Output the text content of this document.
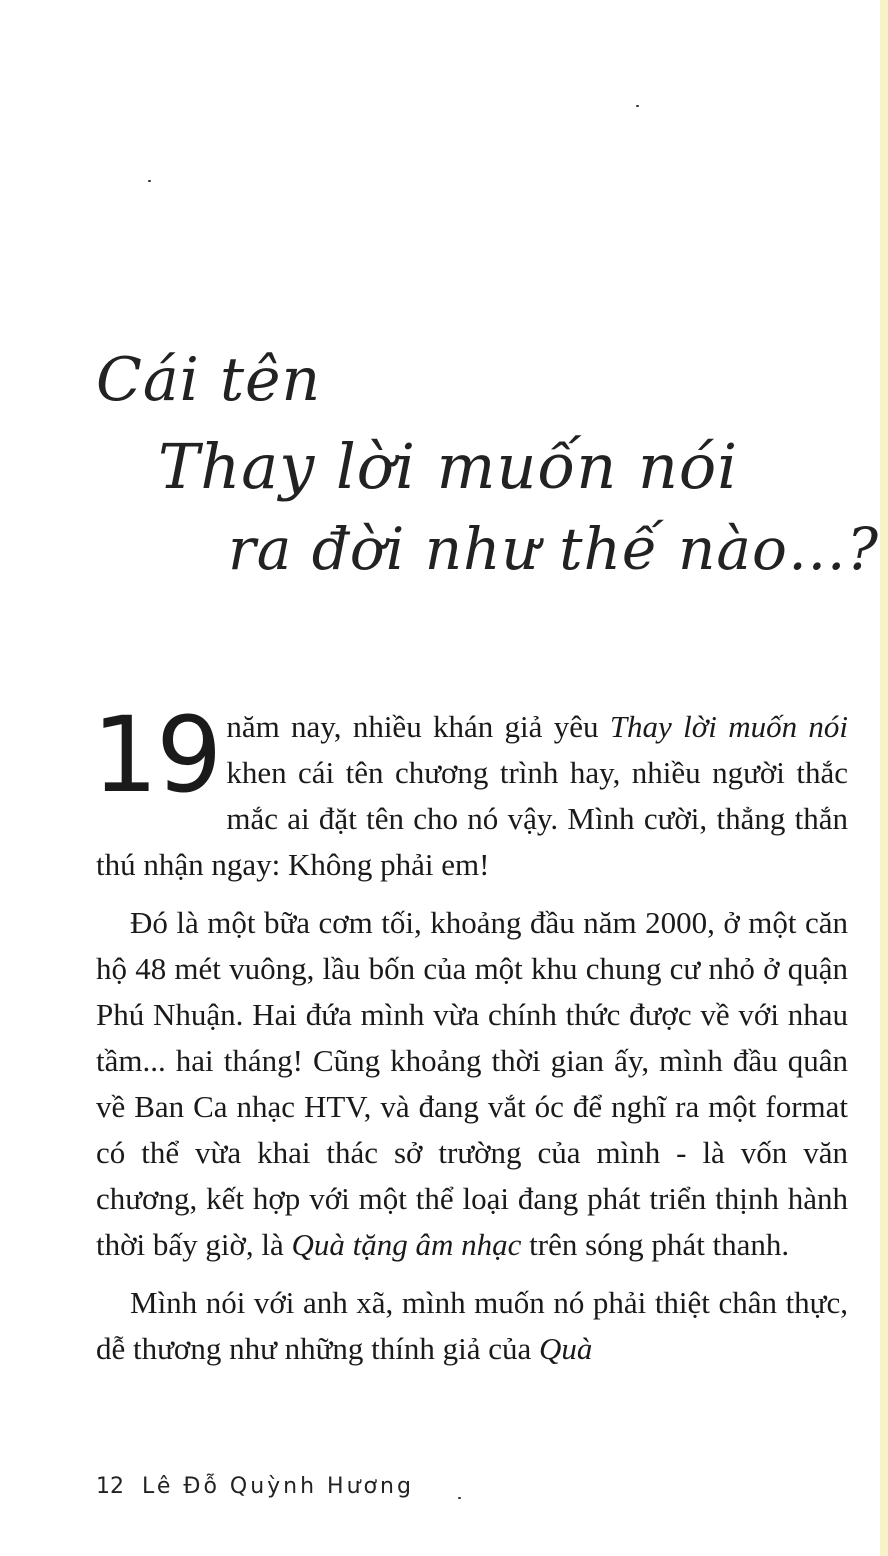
Cái tên
Thay lời muốn nói
ra đời như thế nào…?

19 năm nay, nhiều khán giả yêu Thay lời muốn nói khen cái tên chương trình hay, nhiều người thắc mắc ai đặt tên cho nó vậy. Mình cười, thẳng thắn thú nhận ngay: Không phải em!

Đó là một bữa cơm tối, khoảng đầu năm 2000, ở một căn hộ 48 mét vuông, lầu bốn của một khu chung cư nhỏ ở quận Phú Nhuận. Hai đứa mình vừa chính thức được về với nhau tầm... hai tháng! Cũng khoảng thời gian ấy, mình đầu quân về Ban Ca nhạc HTV, và đang vắt óc để nghĩ ra một format có thể vừa khai thác sở trường của mình - là vốn văn chương, kết hợp với một thể loại đang phát triển thịnh hành thời bấy giờ, là Quà tặng âm nhạc trên sóng phát thanh.

Mình nói với anh xã, mình muốn nó phải thiệt chân thực, dễ thương như những thính giả của Quà

12 Lê Đỗ Quỳnh Hương
